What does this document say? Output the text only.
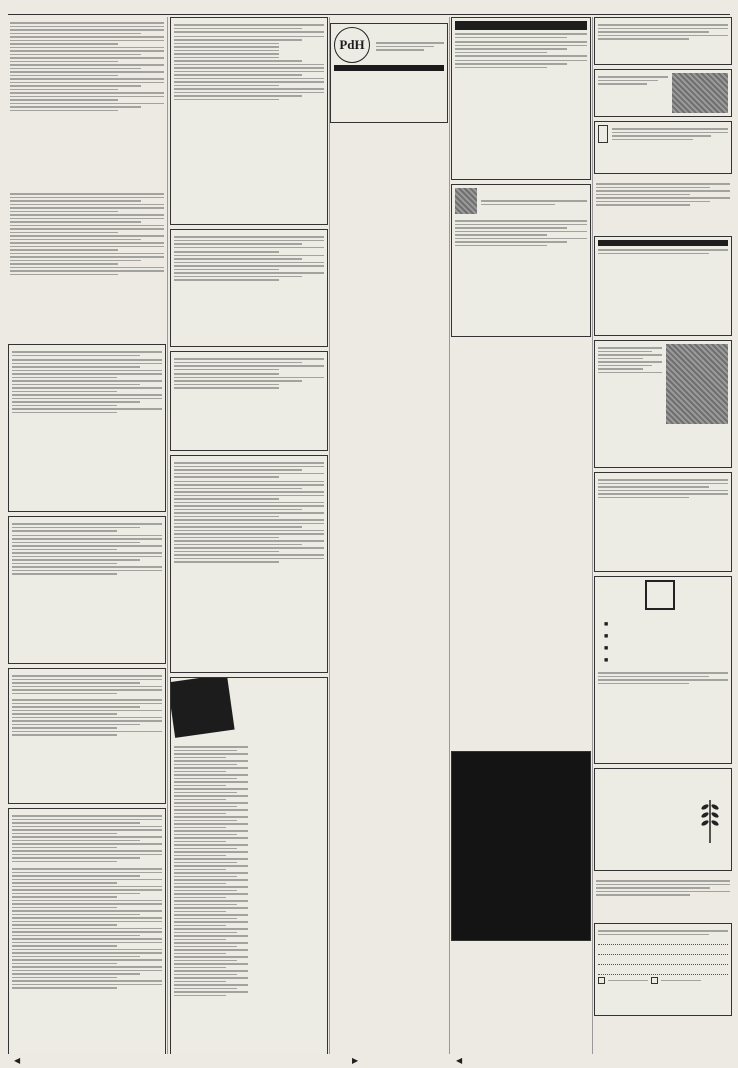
PdH
■
■
■
■
◀	▶	◀
